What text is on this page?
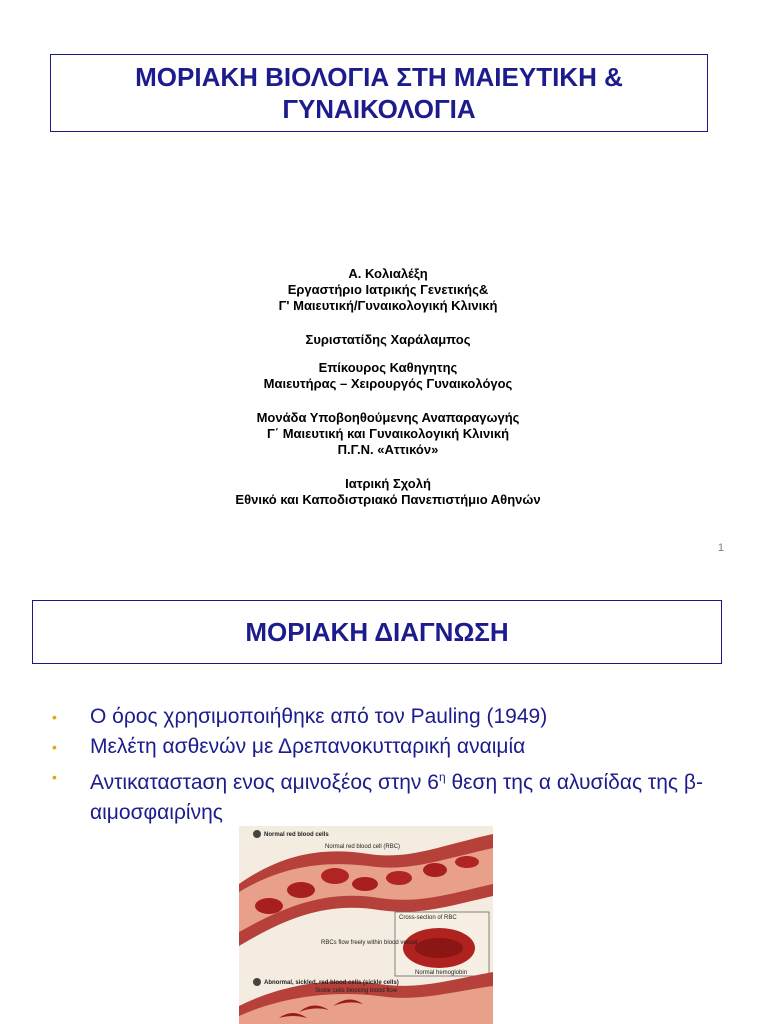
ΜΟΡΙΑΚΗ ΒΙΟΛΟΓΙΑ ΣΤΗ ΜΑΙΕΥΤΙΚΗ & ΓΥΝΑΙΚΟΛΟΓΙΑ
Α. Κολιαλέξη
Εργαστήριο Ιατρικής Γενετικής&
Γ' Μαιευτική/Γυναικολογική Κλινική
Συριστατίδης Χαράλαμπος
Επίκουρος Καθηγητης
Μαιευτήρας – Χειρουργός Γυναικολόγος
Μονάδα Υποβοηθούμενης Αναπαραγωγής
Γ΄ Μαιευτική και Γυναικολογική Κλινική
Π.Γ.Ν. «Αττικόν»
Ιατρική Σχολή
Εθνικό και Καποδιστριακό Πανεπιστήμιο Αθηνών
1
ΜΟΡΙΑΚΗ ΔΙΑΓΝΩΣΗ
• Ο όρος χρησιμοποιήθηκε από τον Pauling (1949)
• Μελέτη ασθενών με Δρεπανοκυτταρική αναιμία
• Αντικαταστaση ενος αμινοξέος στην $6^\eta$ θεση της α αλυσίδας της β-αιμοσφαιρίνης
Normal red blood cells
Normal red blood cell (RBC)
Cross-section of RBC
Normal hemoglobin
RBCs flow freely within blood vessel
Abnormal, sickled, red blood cells (sickle cells)
Sickle cells blocking blood flow
